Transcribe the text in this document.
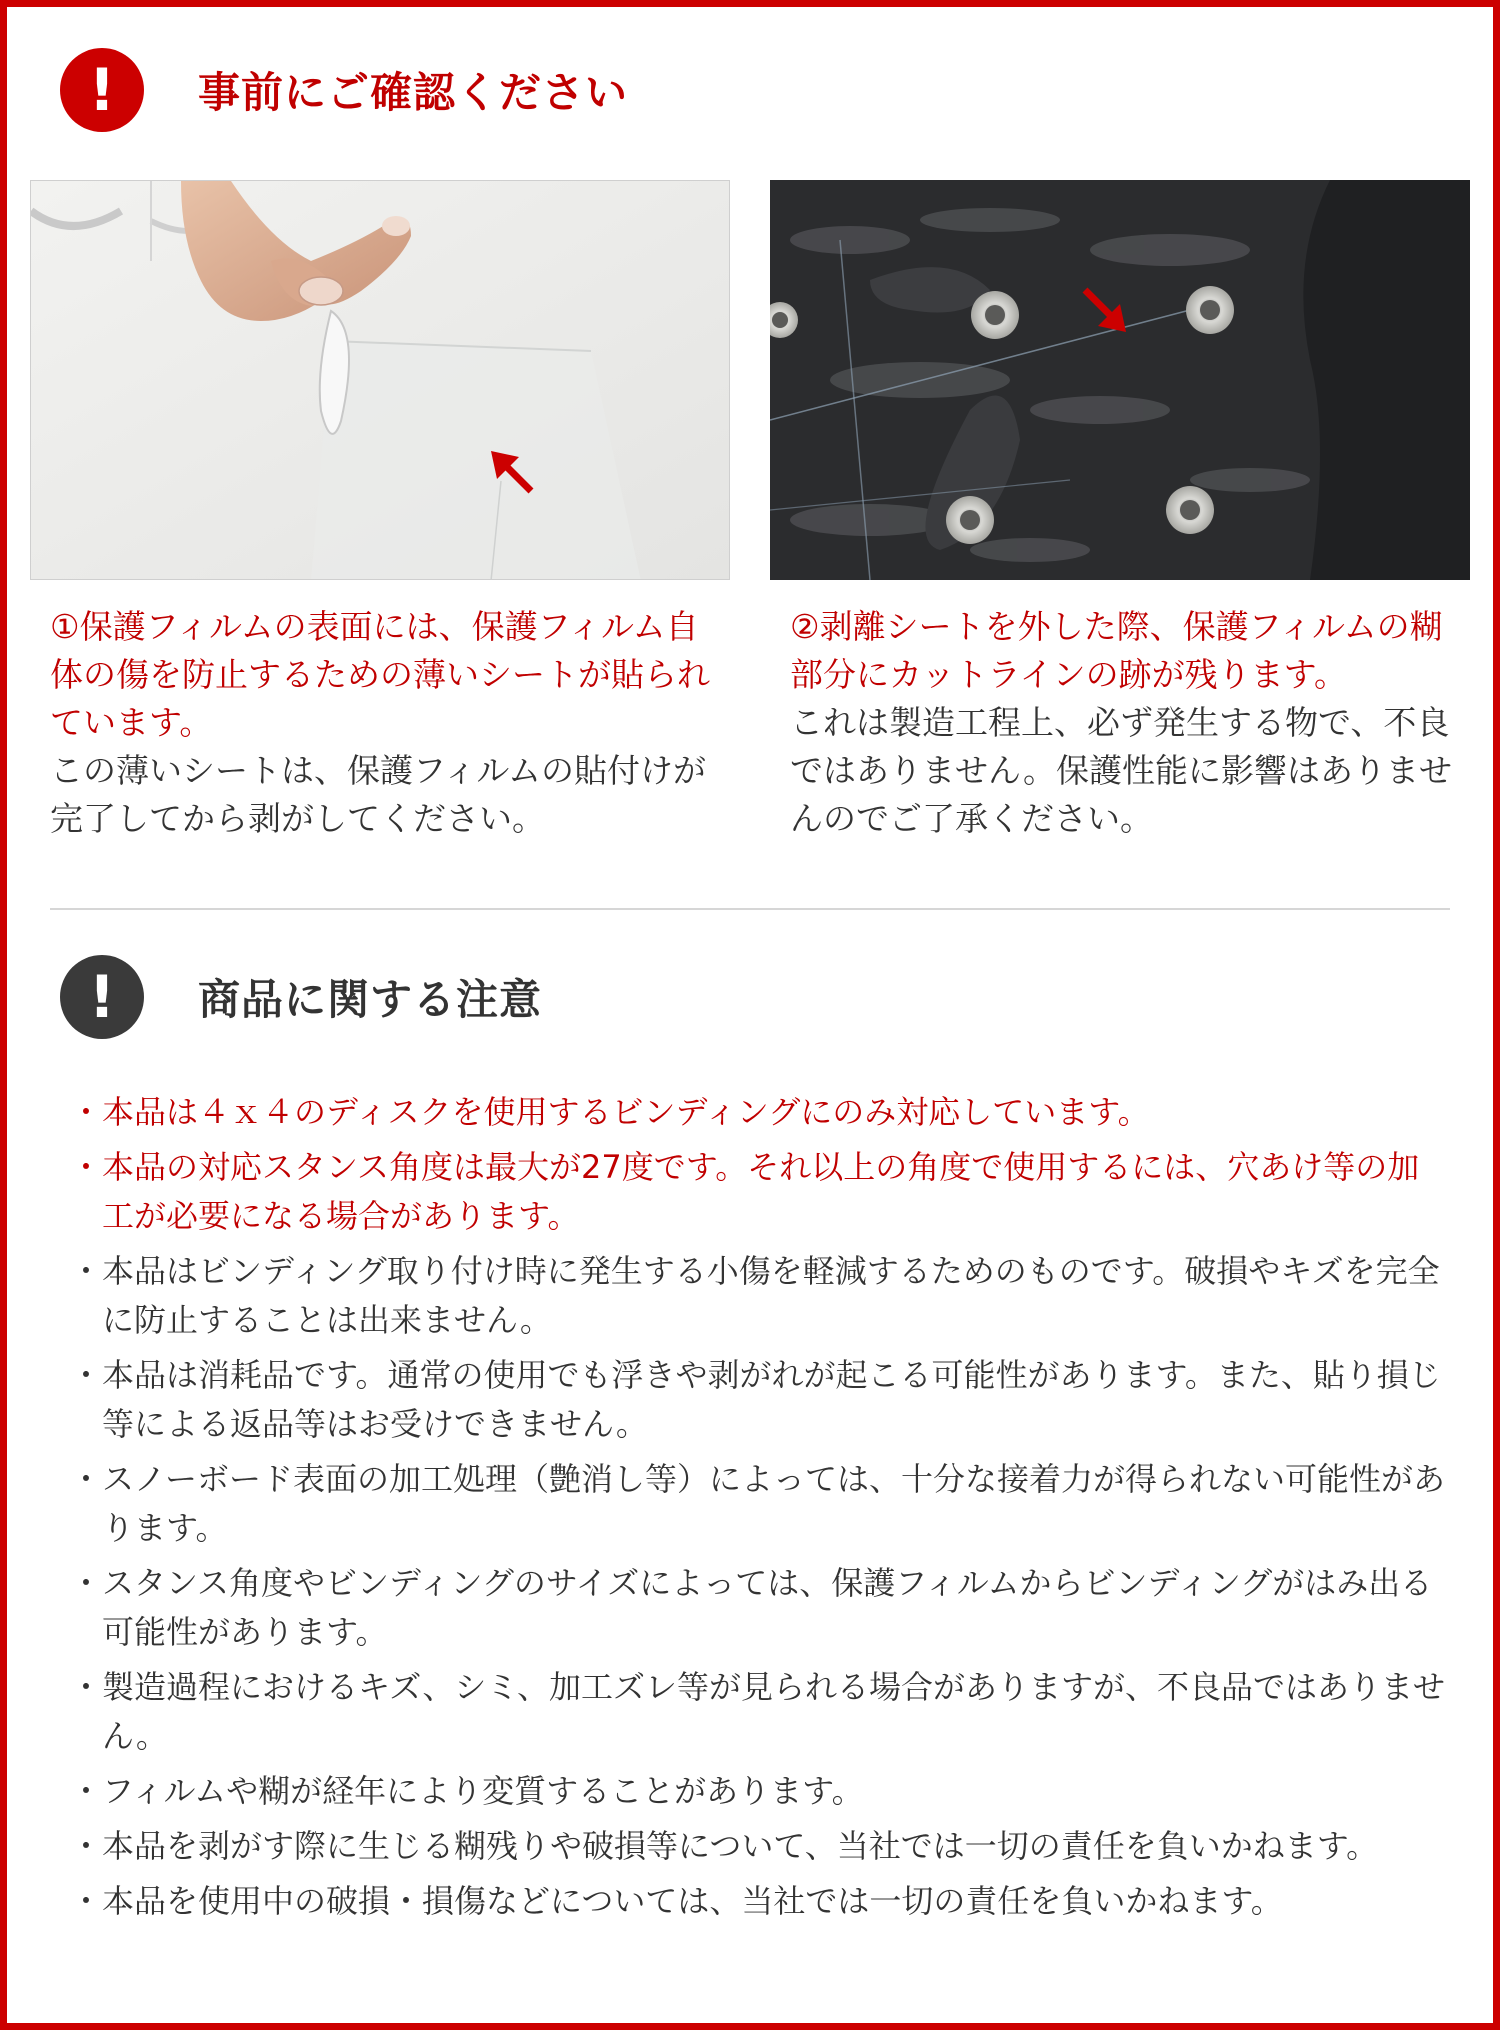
!	事前にご確認ください
①保護フィルムの表面には、保護フィルム自体の傷を防止するための薄いシートが貼られています。
この薄いシートは、保護フィルムの貼付けが完了してから剥がしてください。
②剥離シートを外した際、保護フィルムの糊部分にカットラインの跡が残ります。
これは製造工程上、必ず発生する物で、不良ではありません。保護性能に影響はありませんのでご了承ください。
!	商品に関する注意
・ 本品は４ｘ４のディスクを使用するビンディングにのみ対応しています。
・ 本品の対応スタンス角度は最大が27度です。それ以上の角度で使用するには、穴あけ等の加工が必要になる場合があります。
・ 本品はビンディング取り付け時に発生する小傷を軽減するためのものです。破損やキズを完全に防止することは出来ません。
・ 本品は消耗品です。通常の使用でも浮きや剥がれが起こる可能性があります。また、貼り損じ等による返品等はお受けできません。
・ スノーボード表面の加工処理（艶消し等）によっては、十分な接着力が得られない可能性があります。
・ スタンス角度やビンディングのサイズによっては、保護フィルムからビンディングがはみ出る可能性があります。
・ 製造過程におけるキズ、シミ、加工ズレ等が見られる場合がありますが、不良品ではありません。
・ フィルムや糊が経年により変質することがあります。
・ 本品を剥がす際に生じる糊残りや破損等について、当社では一切の責任を負いかねます。
・ 本品を使用中の破損・損傷などについては、当社では一切の責任を負いかねます。
